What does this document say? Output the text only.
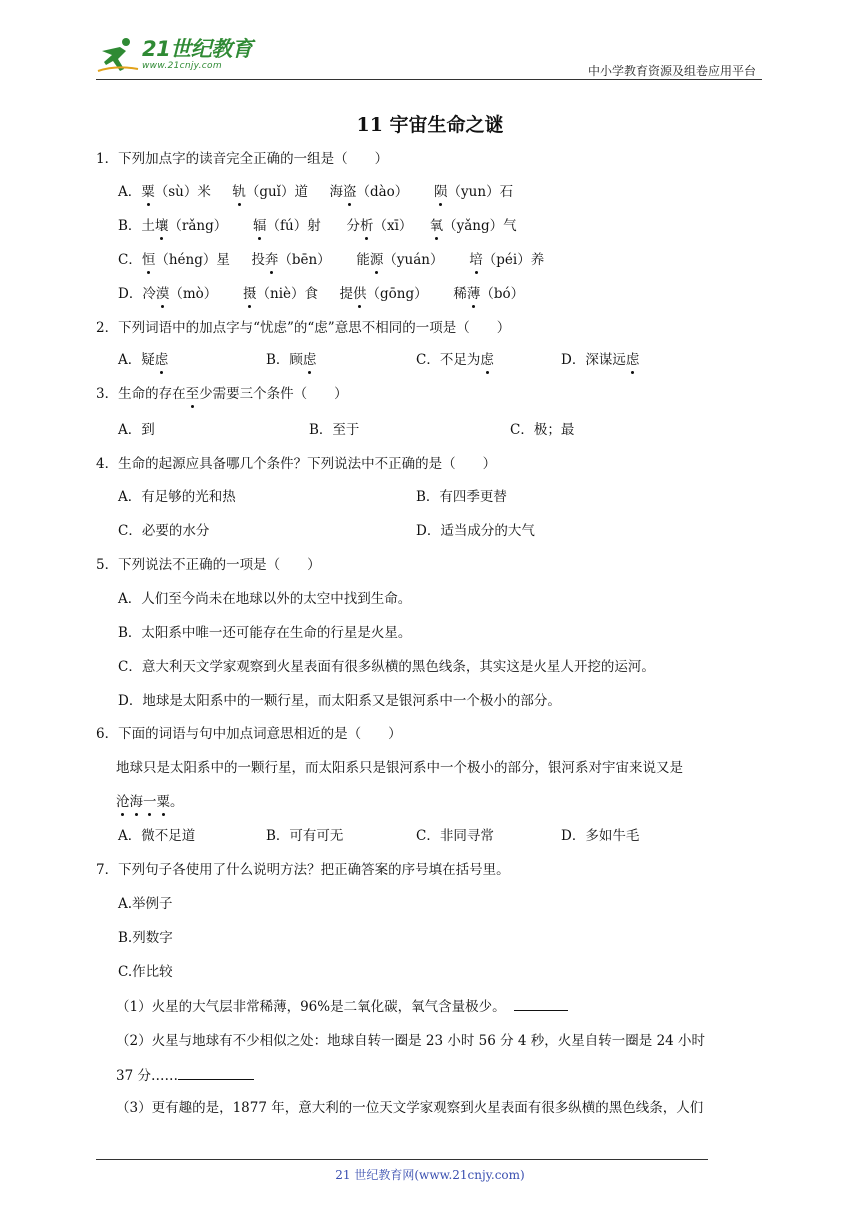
21世纪教育
www.21cnjy.com	中小学教育资源及组卷应用平台
11 宇宙生命之谜
1．下列加点字的读音完全正确的一组是（　　）
A．粟（sù）米 轨（guǐ）道 海盗（dào） 陨（yun）石
B．土壤（rǎng） 辐（fú）射 分析（xī） 氧（yǎng）气
C．恒（héng）星 投奔（bēn） 能源（yuán） 培（péi）养
D．冷漠（mò） 摄（niè）食 提供（gōng） 稀薄（bó）
2．下列词语中的加点字与“忧虑”的“虑”意思不相同的一项是（　　）
A．疑虑	B．顾虑	C．不足为虑	D．深谋远虑
3．生命的存在至少需要三个条件（　　）
A．到	B．至于	C．极；最
4．生命的起源应具备哪几个条件？下列说法中不正确的是（　　）
A．有足够的光和热	B．有四季更替
C．必要的水分	D．适当成分的大气
5．下列说法不正确的一项是（　　）
A．人们至今尚未在地球以外的太空中找到生命。
B．太阳系中唯一还可能存在生命的行星是火星。
C．意大利天文学家观察到火星表面有很多纵横的黑色线条，其实这是火星人开挖的运河。
D．地球是太阳系中的一颗行星，而太阳系又是银河系中一个极小的部分。
6．下面的词语与句中加点词意思相近的是（　　）
地球只是太阳系中的一颗行星，而太阳系只是银河系中一个极小的部分，银河系对宇宙来说又是
沧海一粟。
A．微不足道	B．可有可无	C．非同寻常	D．多如牛毛
7．下列句子各使用了什么说明方法？把正确答案的序号填在括号里。
A.举例子
B.列数字
C.作比较
（1）火星的大气层非常稀薄，96%是二氧化碳，氧气含量极少。
（2）火星与地球有不少相似之处：地球自转一圈是 23 小时 56 分 4 秒，火星自转一圈是 24 小时
37 分……
（3）更有趣的是，1877 年，意大利的一位天文学家观察到火星表面有很多纵横的黑色线条，人们
21 世纪教育网(www.21cnjy.com)
